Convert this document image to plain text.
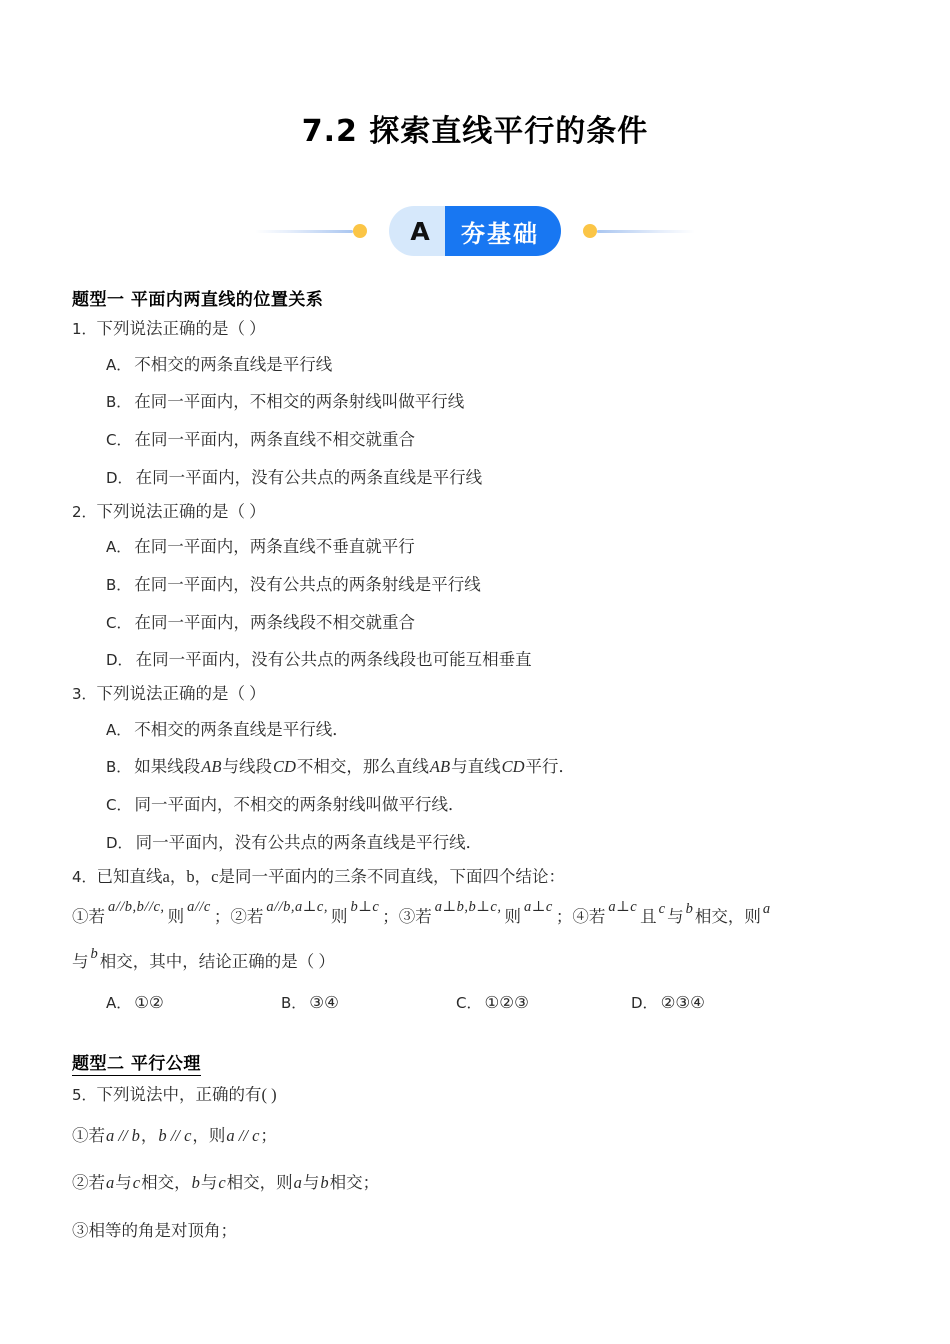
7.2 探索直线平行的条件
A	夯基础
题型一 平面内两直线的位置关系

1．下列说法正确的是（ ）

A． 不相交的两条直线是平行线

B． 在同一平面内，不相交的两条射线叫做平行线

C． 在同一平面内，两条直线不相交就重合

D． 在同一平面内，没有公共点的两条直线是平行线

2．下列说法正确的是（ ）

A． 在同一平面内，两条直线不垂直就平行

B． 在同一平面内，没有公共点的两条射线是平行线

C． 在同一平面内，两条线段不相交就重合

D． 在同一平面内，没有公共点的两条线段也可能互相垂直

3．下列说法正确的是（ ）

A． 不相交的两条直线是平行线．

B． 如果线段AB与线段CD不相交，那么直线AB与直线CD平行．

C． 同一平面内，不相交的两条射线叫做平行线．

D． 同一平面内，没有公共点的两条直线是平行线．

4．已知直线a，b，c是同一平面内的三条不同直线，下面四个结论：

①若 a//b,b//c, 则 a//c ；②若 a//b,a⊥c, 则 b⊥c ；③若 a⊥b,b⊥c, 则 a⊥c ；④若 a⊥c 且 c 与 b 相交，则 a

与 b 相交，其中，结论正确的是（ ）

A． ①②	B． ③④	C． ①②③	D． ②③④
题型二 平行公理

5．下列说法中，正确的有( )

①若a // b，b // c，则a // c；

②若a与c相交，b与c相交，则a与b相交；

③相等的角是对顶角；
